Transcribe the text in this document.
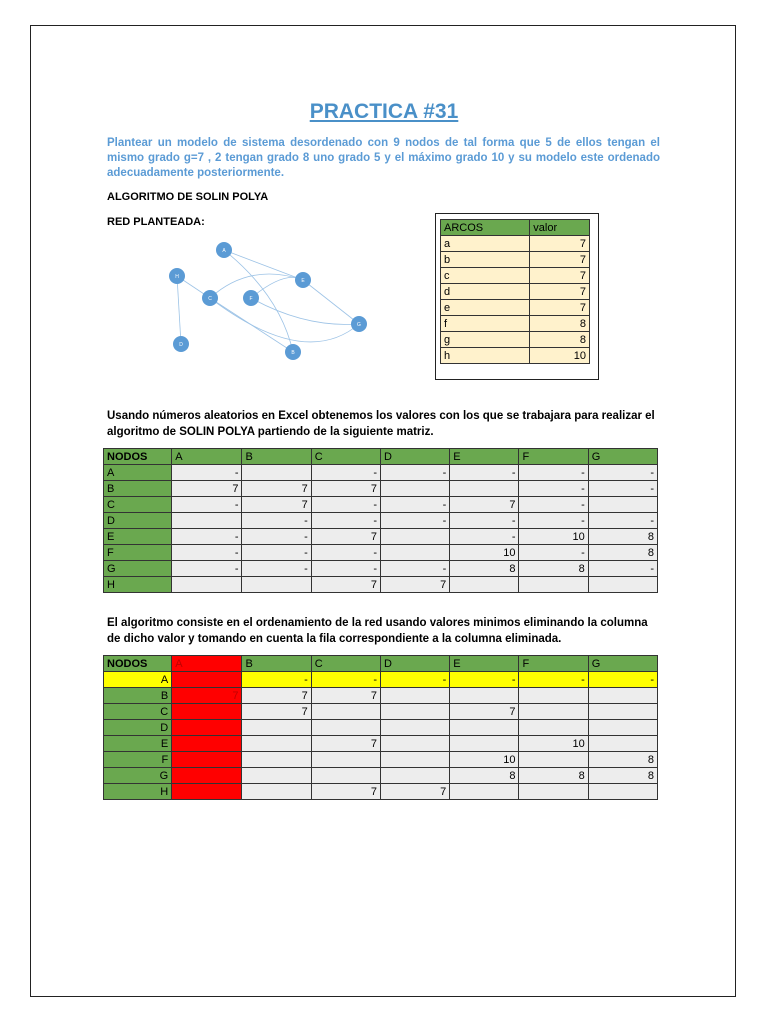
PRACTICA #31
Plantear un modelo de sistema desordenado con 9 nodos de tal forma que 5 de ellos tengan el mismo grado g=7 , 2 tengan grado 8 uno grado 5 y el máximo grado 10 y su modelo este ordenado adecuadamente posteriormente.
ALGORITMO DE SOLIN POLYA
RED PLANTEADA:
A
H
E
C	F
G
D
B
ARCOS	valor
a	7
b	7
c	7
d	7
e	7
f	8
g	8
h	10
Usando números aleatorios en Excel obtenemos los valores con los que se trabajara para realizar el algoritmo de SOLIN POLYA partiendo de la siguiente matriz.
NODOS	A	B	C	D	E	F	G
A	-		-	-	-	-	-
B	7	7	7			-	-
C	-	7	-	-	7	-	
D		-	-	-	-	-	-
E	-	-	7		-	10	8
F	-	-	-		10	-	8
G	-	-	-	-	8	8	-
H			7	7			
El algoritmo consiste en el ordenamiento de la red usando valores minimos eliminando la columna de dicho valor y tomando en cuenta la fila correspondiente a la columna eliminada.
NODOS	A	B	C	D	E	F	G
A		-	-	-	-	-	-
B	7	7	7				
C		7			7		
D							
E			7			10	
F					10		8
G					8	8	8
H			7	7			
